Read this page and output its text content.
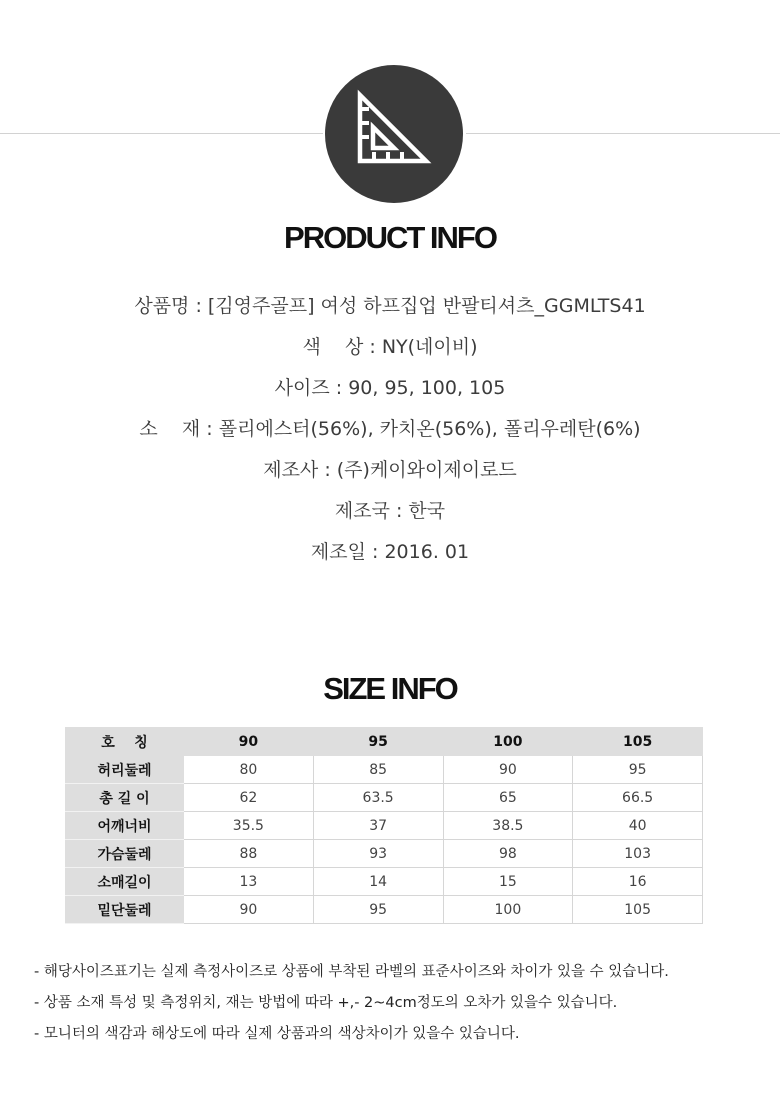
PRODUCT INFO
상품명 : [김영주골프] 여성 하프집업 반팔티셔츠_GGMLTS41
색    상 : NY(네이비)
사이즈 : 90, 95, 100, 105
소    재 : 폴리에스터(56%), 카치온(56%), 폴리우레탄(6%)
제조사 : (주)케이와이제이로드
제조국 : 한국
제조일 : 2016. 01
SIZE INFO
호    칭	90	95	100	105
허리둘레	80	85	90	95
총 길 이	62	63.5	65	66.5
어깨너비	35.5	37	38.5	40
가슴둘레	88	93	98	103
소매길이	13	14	15	16
밑단둘레	90	95	100	105
- 해당사이즈표기는 실제 측정사이즈로 상품에 부착된 라벨의 표준사이즈와 차이가 있을 수 있습니다.
- 상품 소재 특성 및 측정위치, 재는 방법에 따라 +,- 2~4cm정도의 오차가 있을수 있습니다.
- 모니터의 색감과 해상도에 따라 실제 상품과의 색상차이가 있을수 있습니다.
